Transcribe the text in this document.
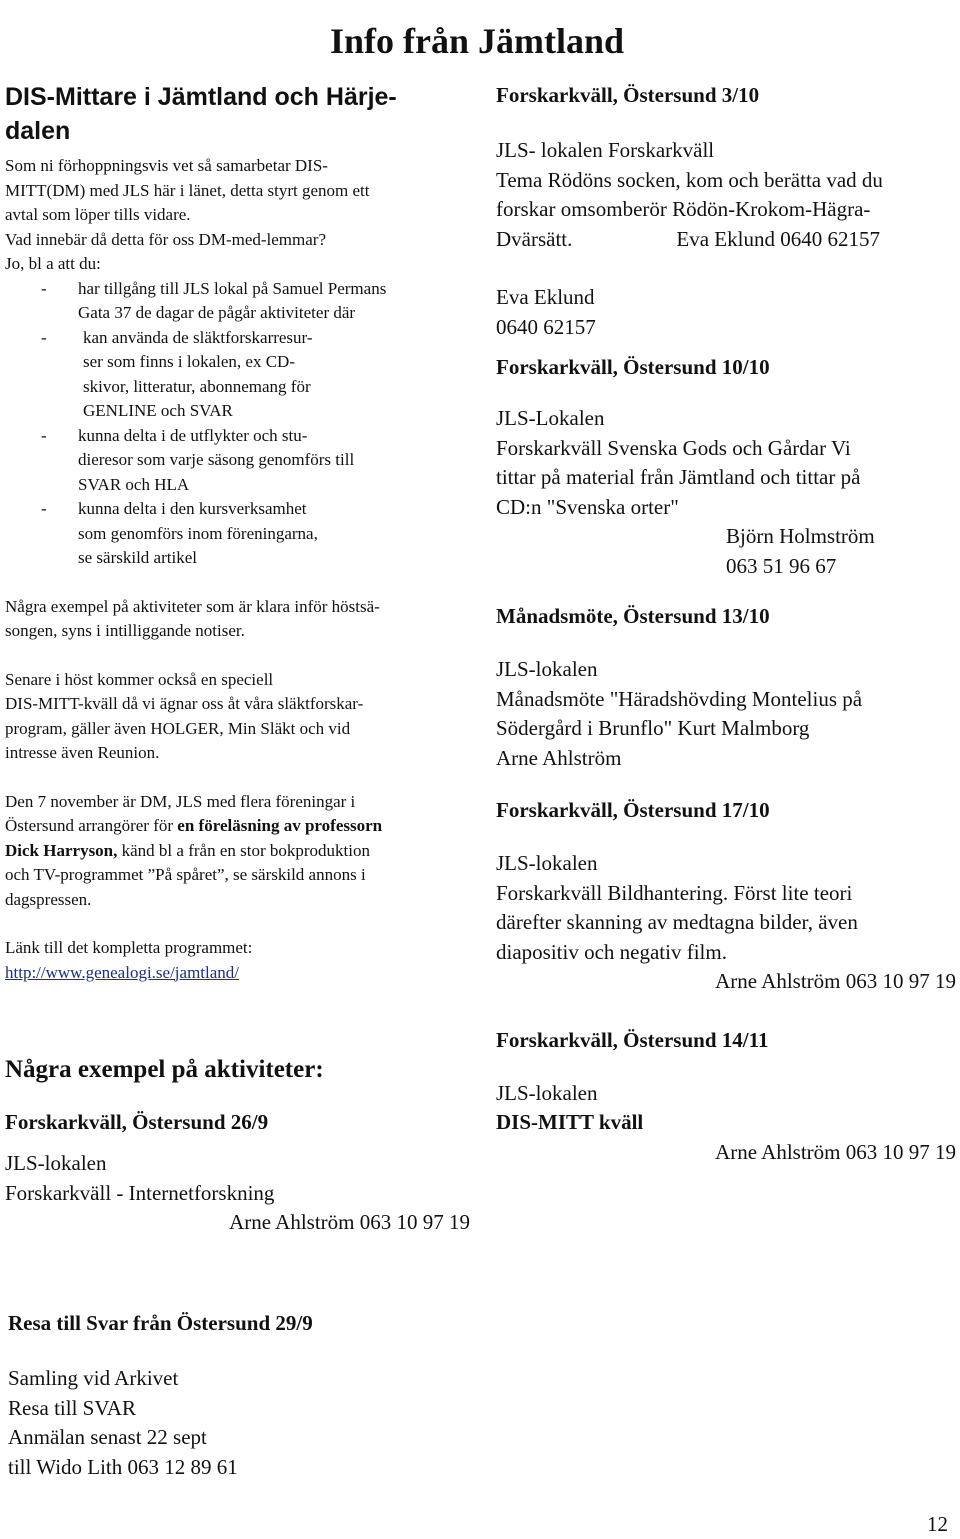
Info från Jämtland
DIS-Mittare i Jämtland och Härje-
dalen

Som ni förhoppningsvis vet så samarbetar DIS-

MITT(DM) med JLS här i länet, detta styrt genom ett

avtal som löper tills vidare.

Vad innebär då detta för oss DM-med-lemmar?

Jo, bl a att du:

- har tillgång till JLS lokal på Samuel Permans
Gata 37 de dagar de pågår aktiviteter där
- kan använda de släktforskarresur-
ser som finns i lokalen, ex CD-
skivor, litteratur, abonnemang för
GENLINE och SVAR
- kunna delta i de utflykter och stu-
dieresor som varje säsong genomförs till
SVAR och HLA
- kunna delta i den kursverksamhet
som genomförs inom föreningarna,
se särskild artikel

Några exempel på aktiviteter som är klara inför höstsä-

songen, syns i intilliggande notiser.

Senare i höst kommer också en speciell

DIS-MITT-kväll då vi ägnar oss åt våra släktforskar-

program, gäller även HOLGER, Min Släkt och vid

intresse även Reunion.

Den 7 november är DM, JLS med flera föreningar i

Östersund arrangörer för en föreläsning av professorn

Dick Harryson, känd bl a från en stor bokproduktion

och TV-programmet ”På spåret”, se särskild annons i

dagspressen.

Länk till det kompletta programmet:

http://www.genealogi.se/jamtland/

Några exempel på aktiviteter:

Forskarkväll, Östersund 26/9

JLS-lokalen

Forskarkväll - Internetforskning

Arne Ahlström 063 10 97 19

Forskarkväll, Östersund 3/10

JLS- lokalen Forskarkväll

Tema Rödöns socken, kom och berätta vad du

forskar omsomberör Rödön-Krokom-Hägra-

Dvärsätt.	Eva Eklund 0640 62157

Eva Eklund

0640 62157

Forskarkväll, Östersund 10/10

JLS-Lokalen

Forskarkväll Svenska Gods och Gårdar Vi

tittar på material från Jämtland och tittar på

CD:n "Svenska orter"

Björn Holmström

063 51 96 67

Månadsmöte, Östersund 13/10

JLS-lokalen

Månadsmöte "Häradshövding Montelius på

Södergård i Brunflo" Kurt Malmborg

Arne Ahlström

Forskarkväll, Östersund 17/10

JLS-lokalen

Forskarkväll Bildhantering. Först lite teori

därefter skanning av medtagna bilder, även

diapositiv och negativ film.

Arne Ahlström 063 10 97 19

Forskarkväll, Östersund 14/11

JLS-lokalen

DIS-MITT kväll

Arne Ahlström 063 10 97 19

Resa till Svar från Östersund 29/9

Samling vid Arkivet

Resa till SVAR

Anmälan senast 22 sept

till Wido Lith 063 12 89 61

12
